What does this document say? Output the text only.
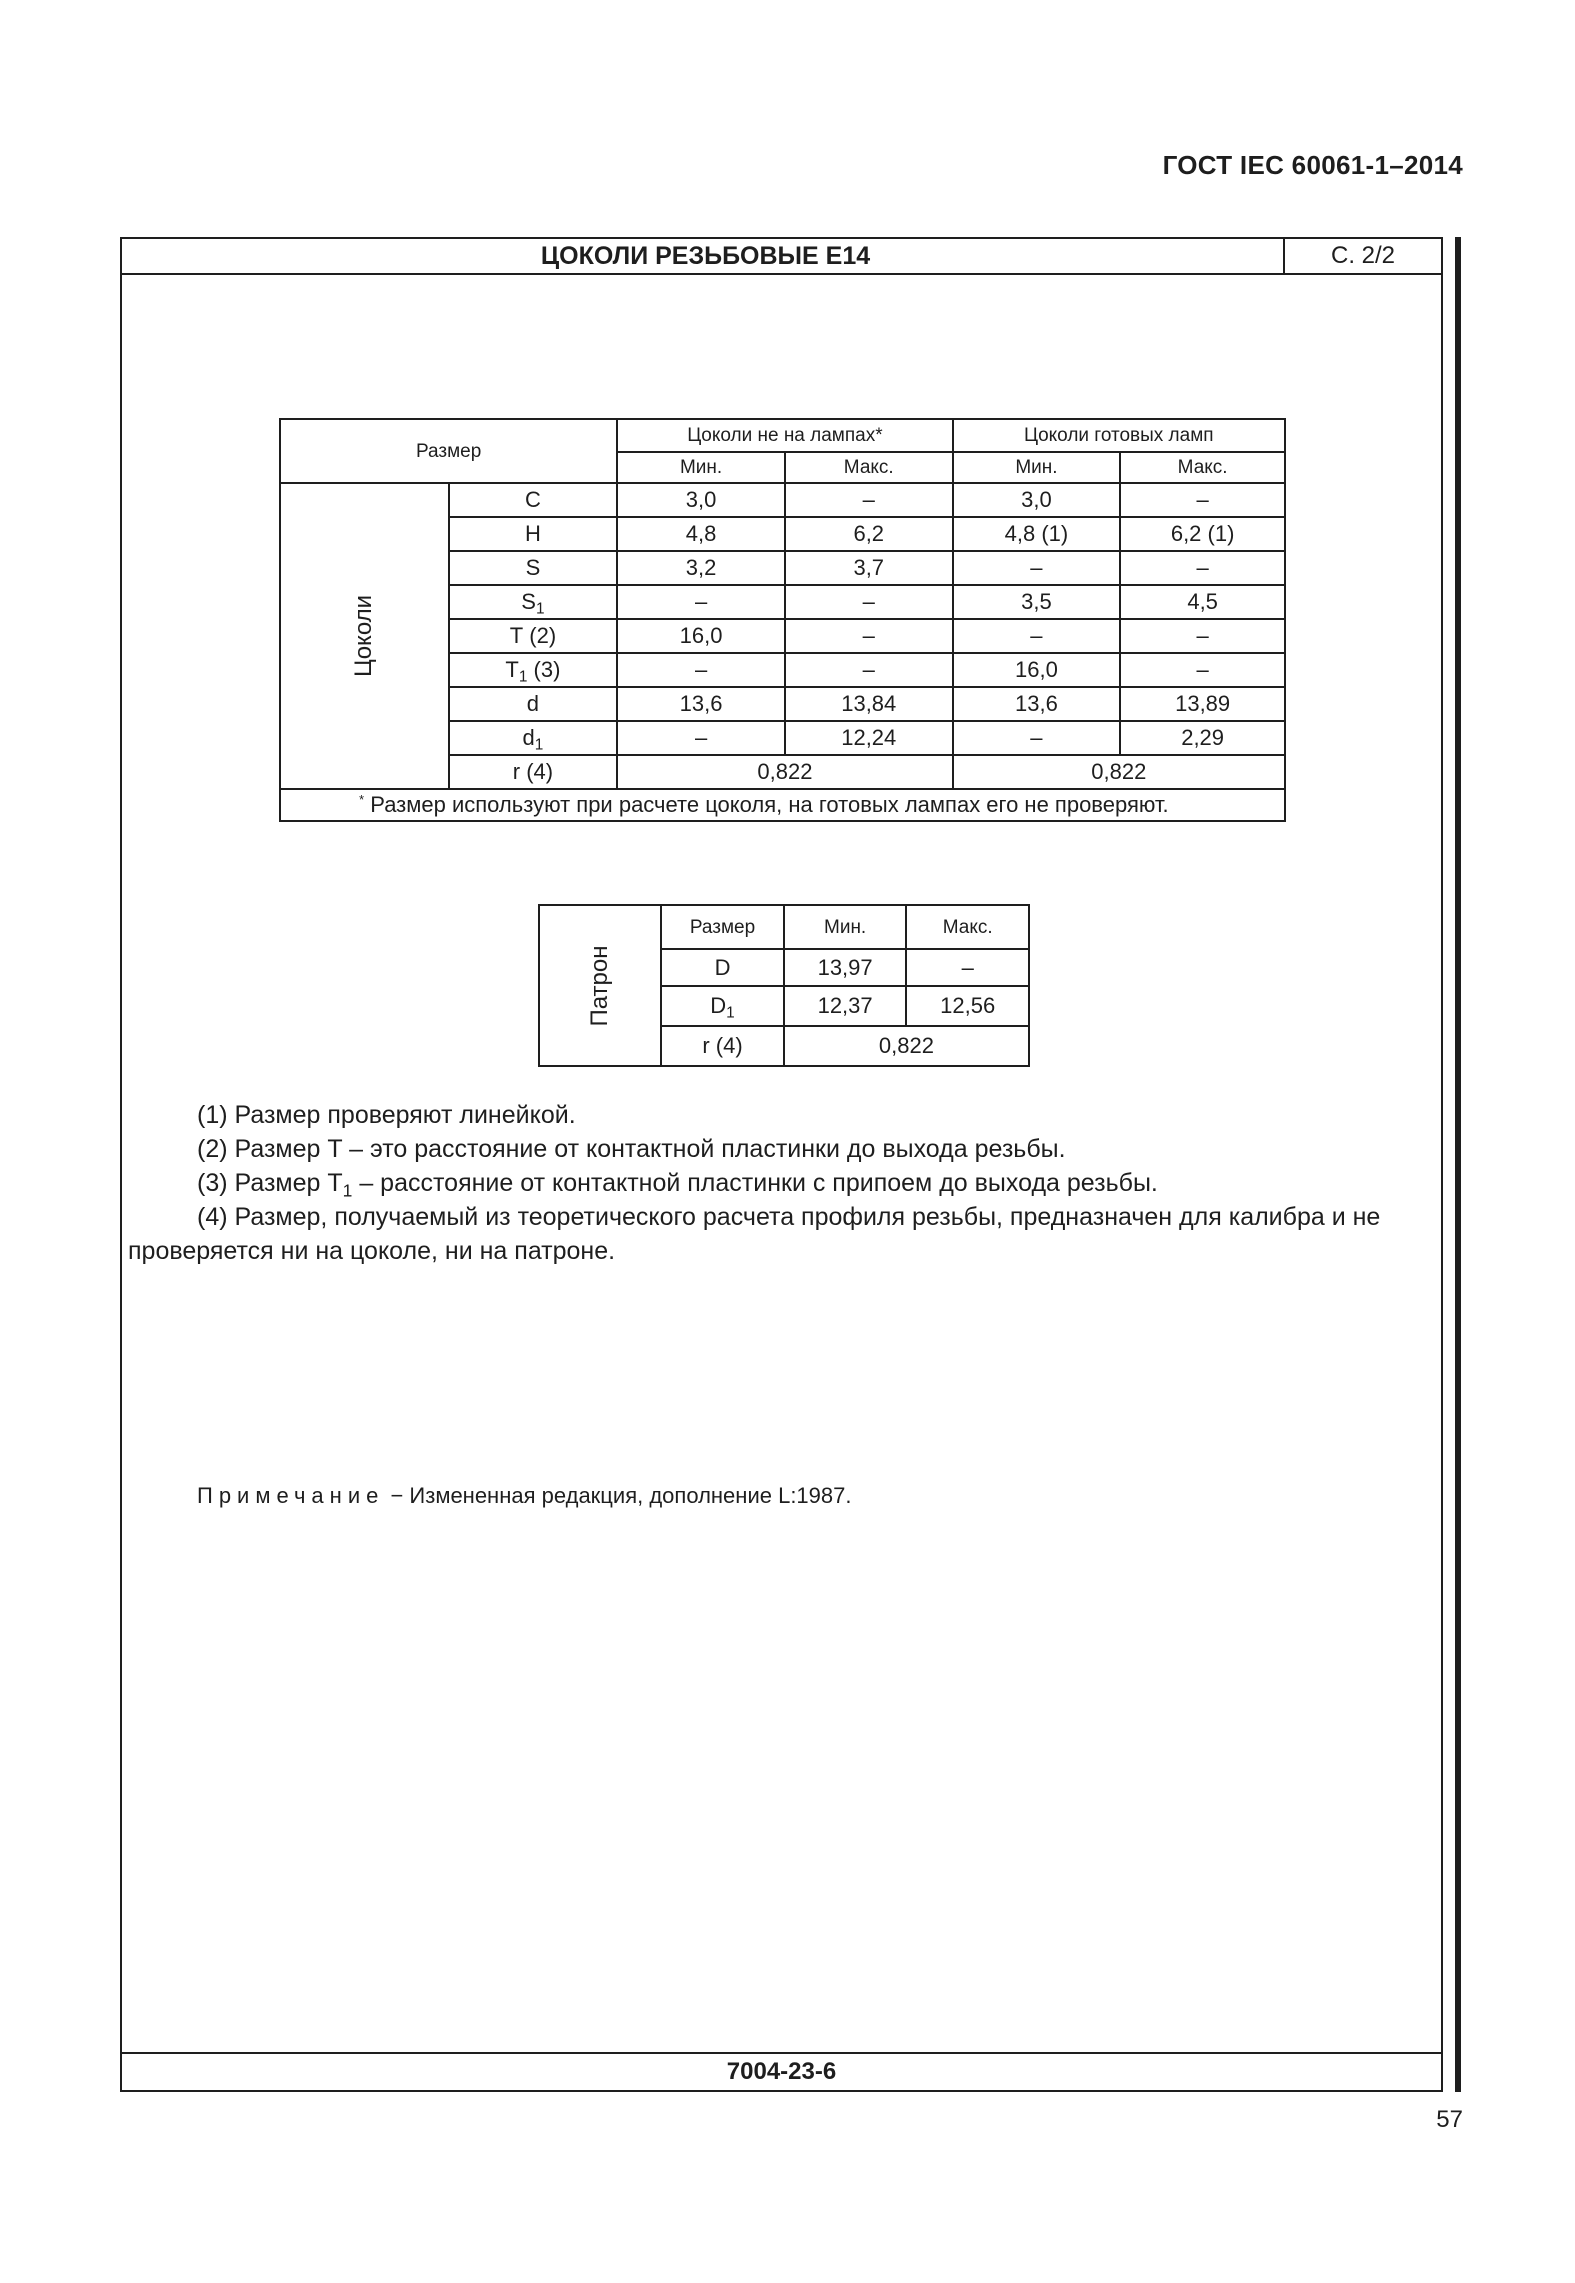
ГОСТ IEC 60061-1–2014
ЦОКОЛИ РЕЗЬБОВЫЕ Е14	С. 2/2
7004-23-6
Размер		Цоколи не на лампах*		Цоколи готовых ламп	
		Мин.	Макс.	Мин.	Макс.

Цоколи	C	3,0	–	3,0	–
	H	4,8	6,2	4,8 (1)	6,2 (1)
	S	3,2	3,7	–	–
	$S_1$	–	–	3,5	4,5
	T (2)	16,0	–	–	–
	$T_1$ (3)	–	–	16,0	–
	d	13,6	13,84	13,6	13,89
	$d_1$	–	12,24	–	2,29
	r (4)	0,822		0,822	
* Размер используют при расчете цоколя, на готовых лампах его не проверяют.					
Патрон	Размер	Мин.	Макс.
	D	13,97	–
	$D_1$	12,37	12,56
	r (4)	0,822	

(1) Размер проверяют линейкой.

(2) Размер T – это расстояние от контактной пластинки до выхода резьбы.

(3) Размер $T_1$ – расстояние от контактной пластинки с припоем до выхода резьбы.

(4) Размер, получаемый из теоретического расчета профиля резьбы, предназначен для калибра и не проверяется ни на цоколе, ни на патроне.

Примечание − Измененная редакция, дополнение L:1987.
57
